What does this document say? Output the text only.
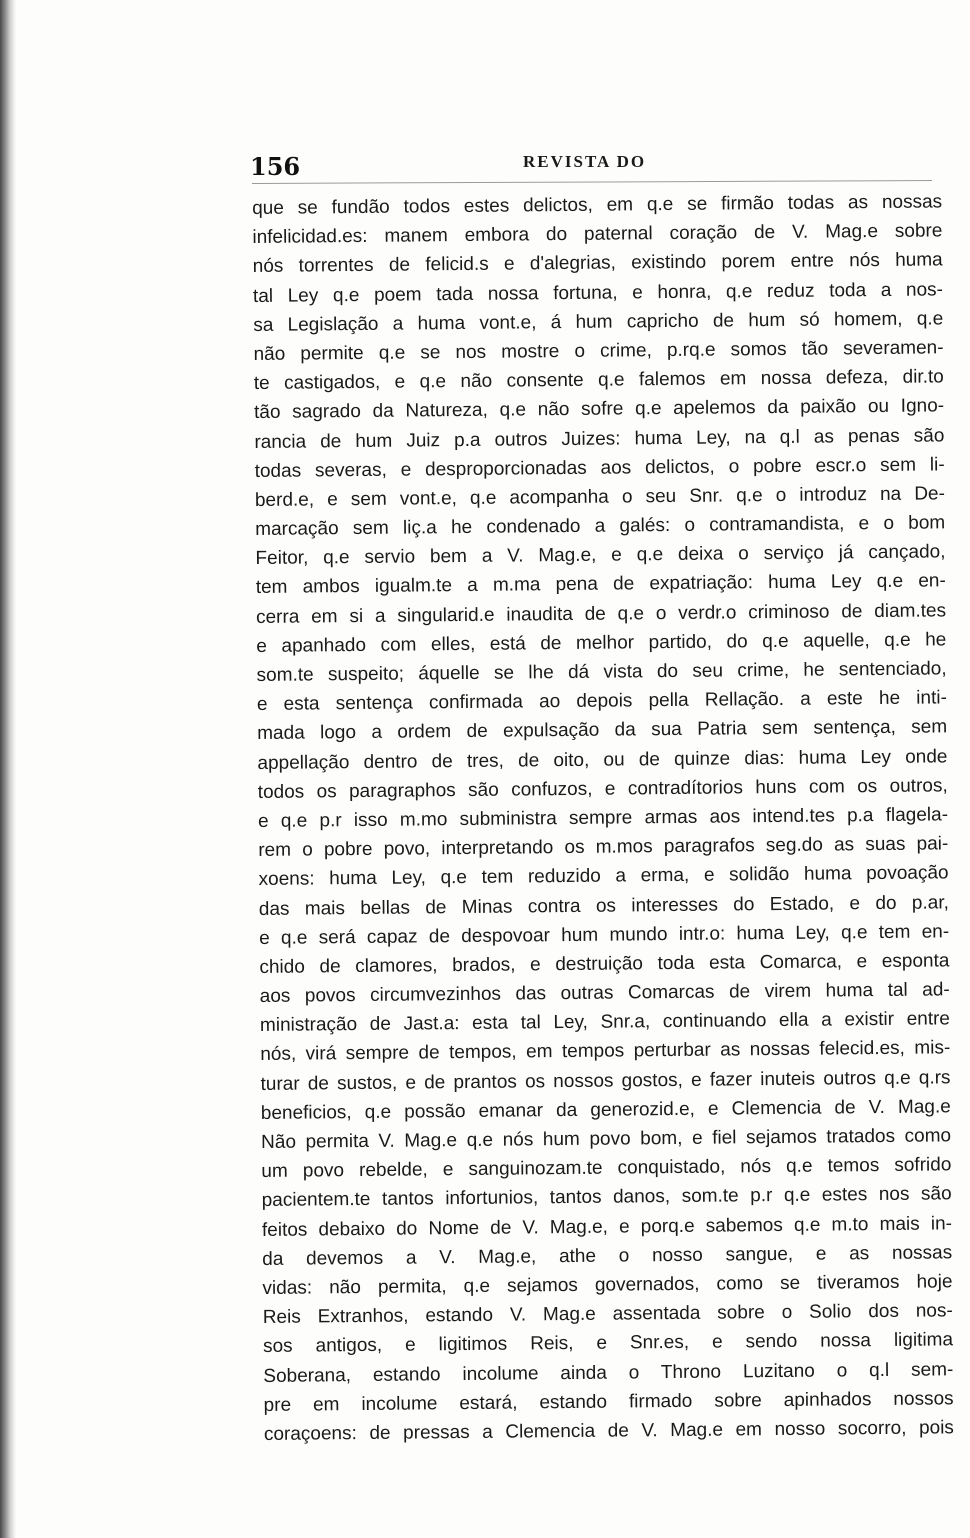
156	REVISTA DO
que se fundão todos estes delictos, em q.e se firmão todas as nossas
infelicidad.es: manem embora do paternal coração de V. Mag.e sobre
nós torrentes de felicid.s e d'alegrias, existindo porem entre nós huma
tal Ley q.e poem tada nossa fortuna, e honra, q.e reduz toda a nos-
sa Legislação a huma vont.e, á hum capricho de hum só homem, q.e
não permite q.e se nos mostre o crime, p.rq.e somos tão severamen-
te castigados, e q.e não consente q.e falemos em nossa defeza, dir.to
tão sagrado da Natureza, q.e não sofre q.e apelemos da paixão ou Igno-
rancia de hum Juiz p.a outros Juizes: huma Ley, na q.l as penas são
todas severas, e desproporcionadas aos delictos, o pobre escr.o sem li-
berd.e, e sem vont.e, q.e acompanha o seu Snr. q.e o introduz na De-
marcação sem liç.a he condenado a galés: o contramandista, e o bom
Feitor, q.e servio bem a V. Mag.e, e q.e deixa o serviço já cançado,
tem ambos igualm.te a m.ma pena de expatriação: huma Ley q.e en-
cerra em si a singularid.e inaudita de q.e o verdr.o criminoso de diam.tes
e apanhado com elles, está de melhor partido, do q.e aquelle, q.e he
som.te suspeito; áquelle se lhe dá vista do seu crime, he sentenciado,
e esta sentença confirmada ao depois pella Rellação. a este he inti-
mada logo a ordem de expulsação da sua Patria sem sentença, sem
appellação dentro de tres, de oito, ou de quinze dias: huma Ley onde
todos os paragraphos são confuzos, e contradítorios huns com os outros,
e q.e p.r isso m.mo subministra sempre armas aos intend.tes p.a flagela-
rem o pobre povo, interpretando os m.mos paragrafos seg.do as suas pai-
xoens: huma Ley, q.e tem reduzido a erma, e solidão huma povoação
das mais bellas de Minas contra os interesses do Estado, e do p.ar,
e q.e será capaz de despovoar hum mundo intr.o: huma Ley, q.e tem en-
chido de clamores, brados, e destruição toda esta Comarca, e esponta
aos povos circumvezinhos das outras Comarcas de virem huma tal ad-
ministração de Jast.a: esta tal Ley, Snr.a, continuando ella a existir entre
nós, virá sempre de tempos, em tempos perturbar as nossas felecid.es, mis-
turar de sustos, e de prantos os nossos gostos, e fazer inuteis outros q.e q.rs
beneficios, q.e possão emanar da generozid.e, e Clemencia de V. Mag.e
Não permita V. Mag.e q.e nós hum povo bom, e fiel sejamos tratados como
um povo rebelde, e sanguinozam.te conquistado, nós q.e temos sofrido
pacientem.te tantos infortunios, tantos danos, som.te p.r q.e estes nos são
feitos debaixo do Nome de V. Mag.e, e porq.e sabemos q.e m.to mais in-
da devemos a V. Mag.e, athe o nosso sangue, e as nossas
vidas: não permita, q.e sejamos governados, como se tiveramos hoje
Reis Extranhos, estando V. Mag.e assentada sobre o Solio dos nos-
sos antigos, e ligitimos Reis, e Snr.es, e sendo nossa ligitima
Soberana, estando incolume ainda o Throno Luzitano o q.l sem-
pre em incolume estará, estando firmado sobre apinhados nossos
coraçoens: de pressas a Clemencia de V. Mag.e em nosso socorro, pois
